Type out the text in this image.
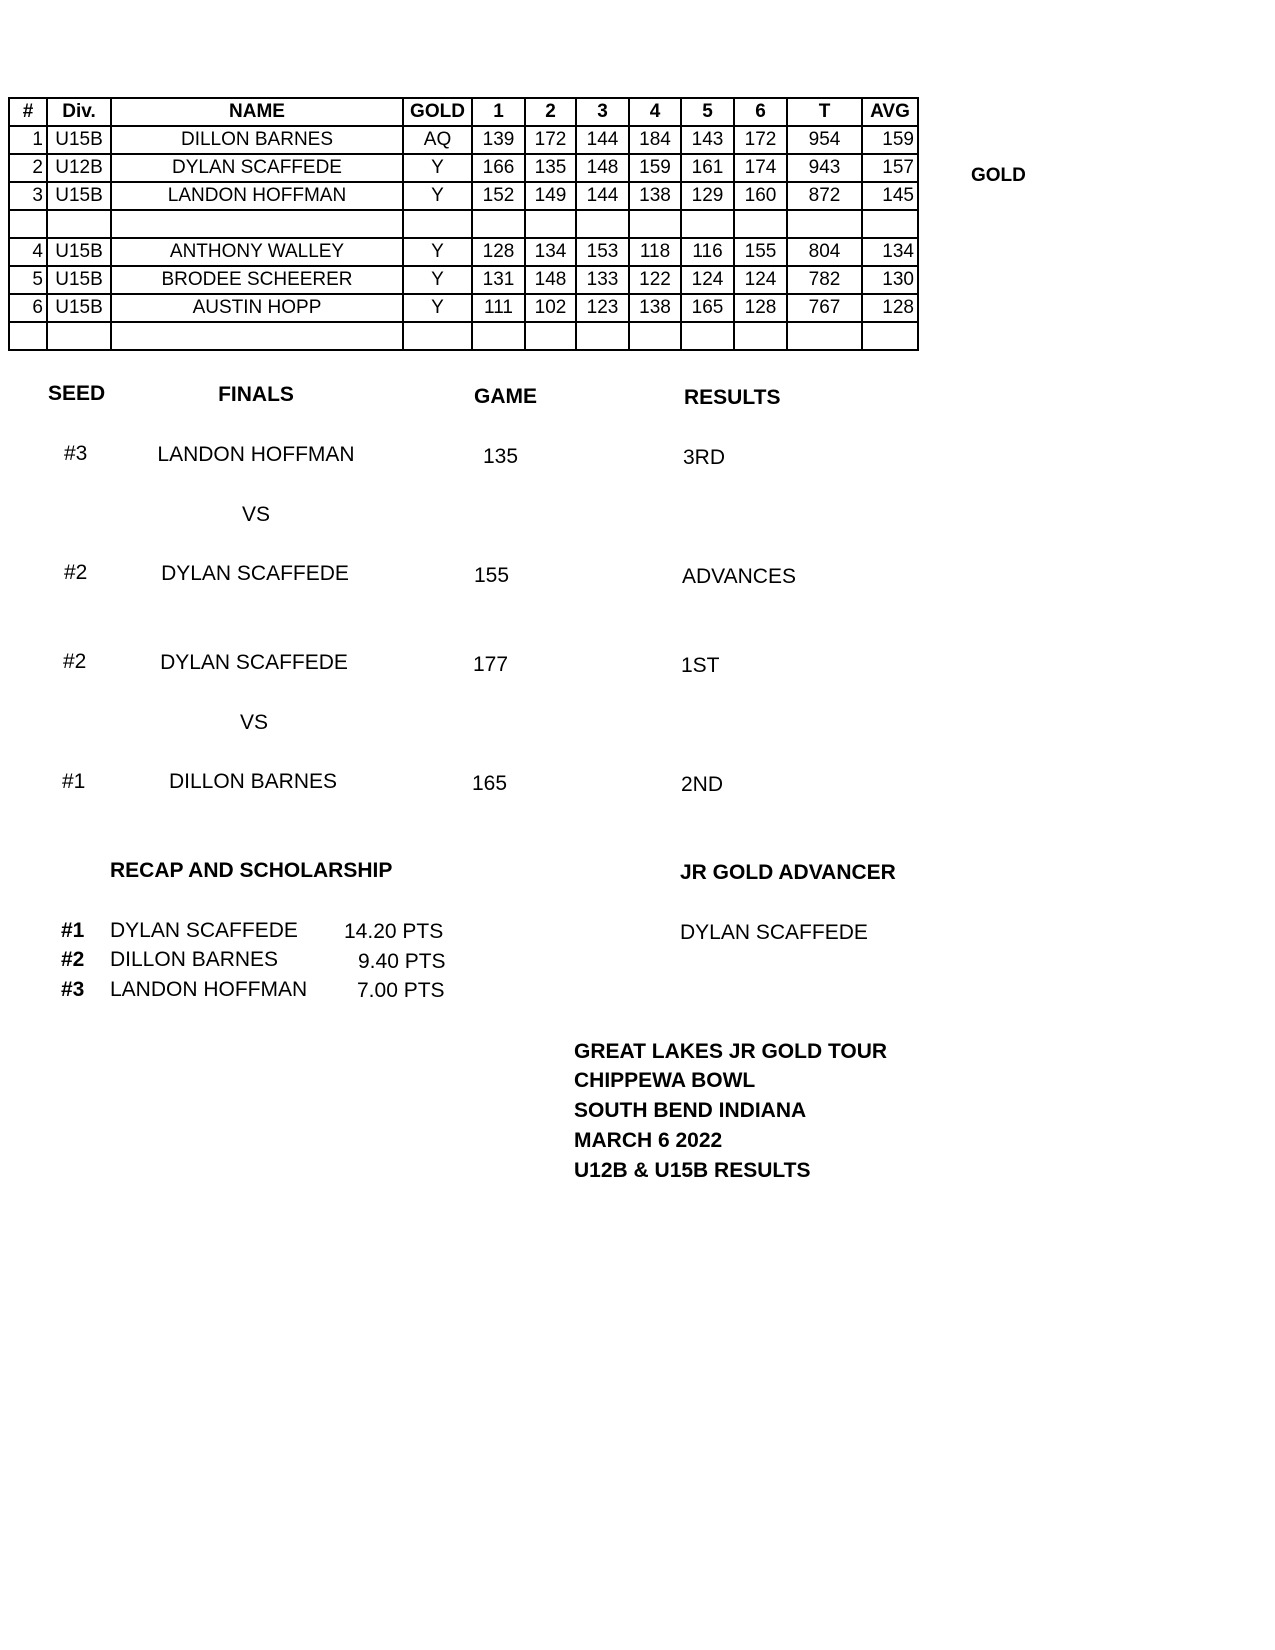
#	Div.	NAME	GOLD	1	2	3	4	5	6	T	AVG
1	U15B	DILLON BARNES	AQ	139	172	144	184	143	172	954	159
2	U12B	DYLAN SCAFFEDE	Y	166	135	148	159	161	174	943	157
3	U15B	LANDON HOFFMAN	Y	152	149	144	138	129	160	872	145

4	U15B	ANTHONY WALLEY	Y	128	134	153	118	116	155	804	134
5	U15B	BRODEE SCHEERER	Y	131	148	133	122	124	124	782	130
6	U15B	AUSTIN HOPP	Y	111	102	123	138	165	128	767	128

GOLD
SEED	FINALS	GAME	RESULTS
#3	LANDON HOFFMAN	135	3RD
VS
#2	DYLAN SCAFFEDE	155	ADVANCES
#2	DYLAN SCAFFEDE	177	1ST
VS
#1	DILLON BARNES	165	2ND
RECAP AND SCHOLARSHIP
#1 DYLAN SCAFFEDE 14.20 PTS
#2 DILLON BARNES	9.40 PTS
#3 LANDON HOFFMAN 7.00 PTS
JR GOLD ADVANCER
DYLAN SCAFFEDE
GREAT LAKES JR GOLD TOUR
CHIPPEWA BOWL
SOUTH BEND INDIANA
MARCH 6 2022
U12B & U15B RESULTS
